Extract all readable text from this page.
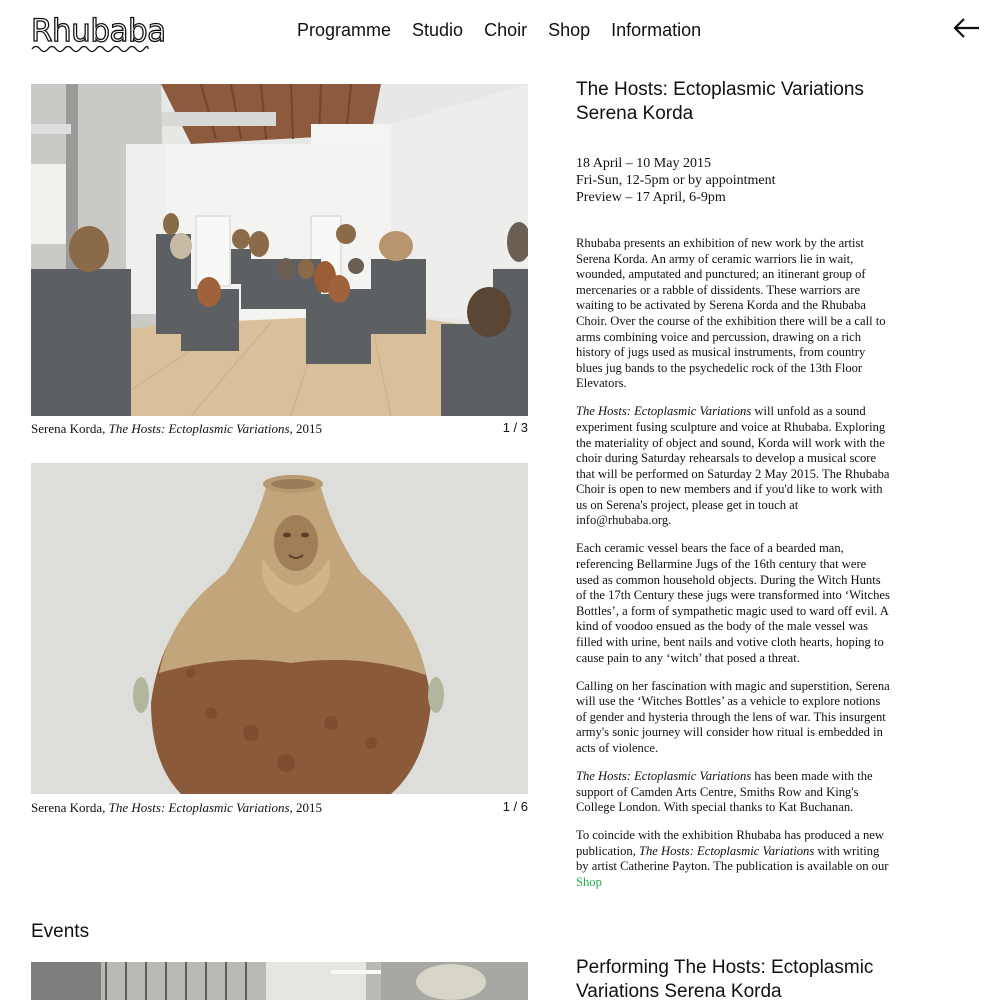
Rhubaba	Programme Studio Choir Shop Information
Serena Korda, The Hosts: Ectoplasmic Variations, 2015	1 / 3
Serena Korda, The Hosts: Ectoplasmic Variations, 2015	1 / 6
The Hosts: Ectoplasmic Variations Serena Korda
18 April – 10 May 2015
Fri-Sun, 12-5pm or by appointment
Preview – 17 April, 6-9pm

Rhubaba presents an exhibition of new work by the artist Serena Korda. An army of ceramic warriors lie in wait, wounded, amputated and punctured; an itinerant group of mercenaries or a rabble of dissidents. These warriors are waiting to be activated by Serena Korda and the Rhubaba Choir. Over the course of the exhibition there will be a call to arms combining voice and percussion, drawing on a rich history of jugs used as musical instruments, from country blues jug bands to the psychedelic rock of the 13th Floor Elevators.

The Hosts: Ectoplasmic Variations will unfold as a sound experiment fusing sculpture and voice at Rhubaba. Exploring the materiality of object and sound, Korda will work with the choir during Saturday rehearsals to develop a musical score that will be performed on Saturday 2 May 2015. The Rhubaba Choir is open to new members and if you'd like to work with us on Serena's project, please get in touch at info@rhubaba.org.

Each ceramic vessel bears the face of a bearded man, referencing Bellarmine Jugs of the 16th century that were used as common household objects. During the Witch Hunts of the 17th Century these jugs were transformed into ‘Witches Bottles’, a form of sympathetic magic used to ward off evil. A kind of voodoo ensued as the body of the male vessel was filled with urine, bent nails and votive cloth hearts, hoping to cause pain to any ‘witch’ that posed a threat.

Calling on her fascination with magic and superstition, Serena will use the ‘Witches Bottles’ as a vehicle to explore notions of gender and hysteria through the lens of war. This insurgent army's sonic journey will consider how ritual is embedded in acts of violence.

The Hosts: Ectoplasmic Variations has been made with the support of Camden Arts Centre, Smiths Row and King's College London. With special thanks to Kat Buchanan.

To coincide with the exhibition Rhubaba has produced a new publication, The Hosts: Ectoplasmic Variations with writing by artist Catherine Payton. The publication is available on our Shop

Events
Performing The Hosts: Ectoplasmic Variations Serena Korda
